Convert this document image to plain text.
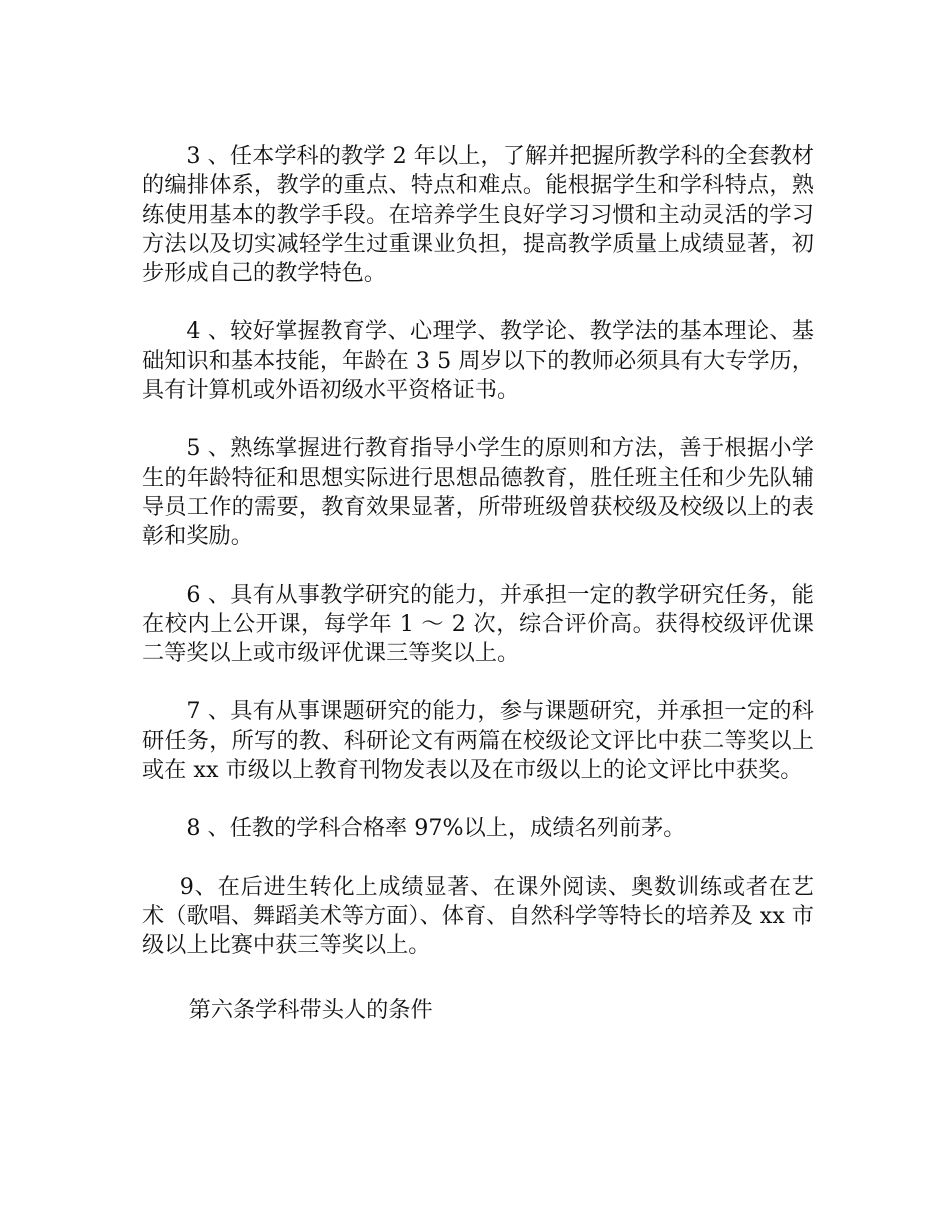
3 、任本学科的教学 2 年以上，了解并把握所教学科的全套教材的编排体系，教学的重点、特点和难点。能根据学生和学科特点，熟练使用基本的教学手段。在培养学生良好学习习惯和主动灵活的学习方法以及切实减轻学生过重课业负担，提高教学质量上成绩显著，初步形成自己的教学特色。

4 、较好掌握教育学、心理学、教学论、教学法的基本理论、基础知识和基本技能，年龄在 3 5 周岁以下的教师必须具有大专学历，具有计算机或外语初级水平资格证书。

5 、熟练掌握进行教育指导小学生的原则和方法，善于根据小学生的年龄特征和思想实际进行思想品德教育，胜任班主任和少先队辅导员工作的需要，教育效果显著，所带班级曾获校级及校级以上的表彰和奖励。

6 、具有从事教学研究的能力，并承担一定的教学研究任务，能在校内上公开课，每学年 1 ～ 2 次，综合评价高。获得校级评优课二等奖以上或市级评优课三等奖以上。

7 、具有从事课题研究的能力，参与课题研究，并承担一定的科研任务，所写的教、科研论文有两篇在校级论文评比中获二等奖以上或在 xx 市级以上教育刊物发表以及在市级以上的论文评比中获奖。

8 、任教的学科合格率 97%以上，成绩名列前茅。

9、在后进生转化上成绩显著、在课外阅读、奥数训练或者在艺术（歌唱、舞蹈美术等方面）、体育、自然科学等特长的培养及 xx 市级以上比赛中获三等奖以上。

第六条学科带头人的条件
